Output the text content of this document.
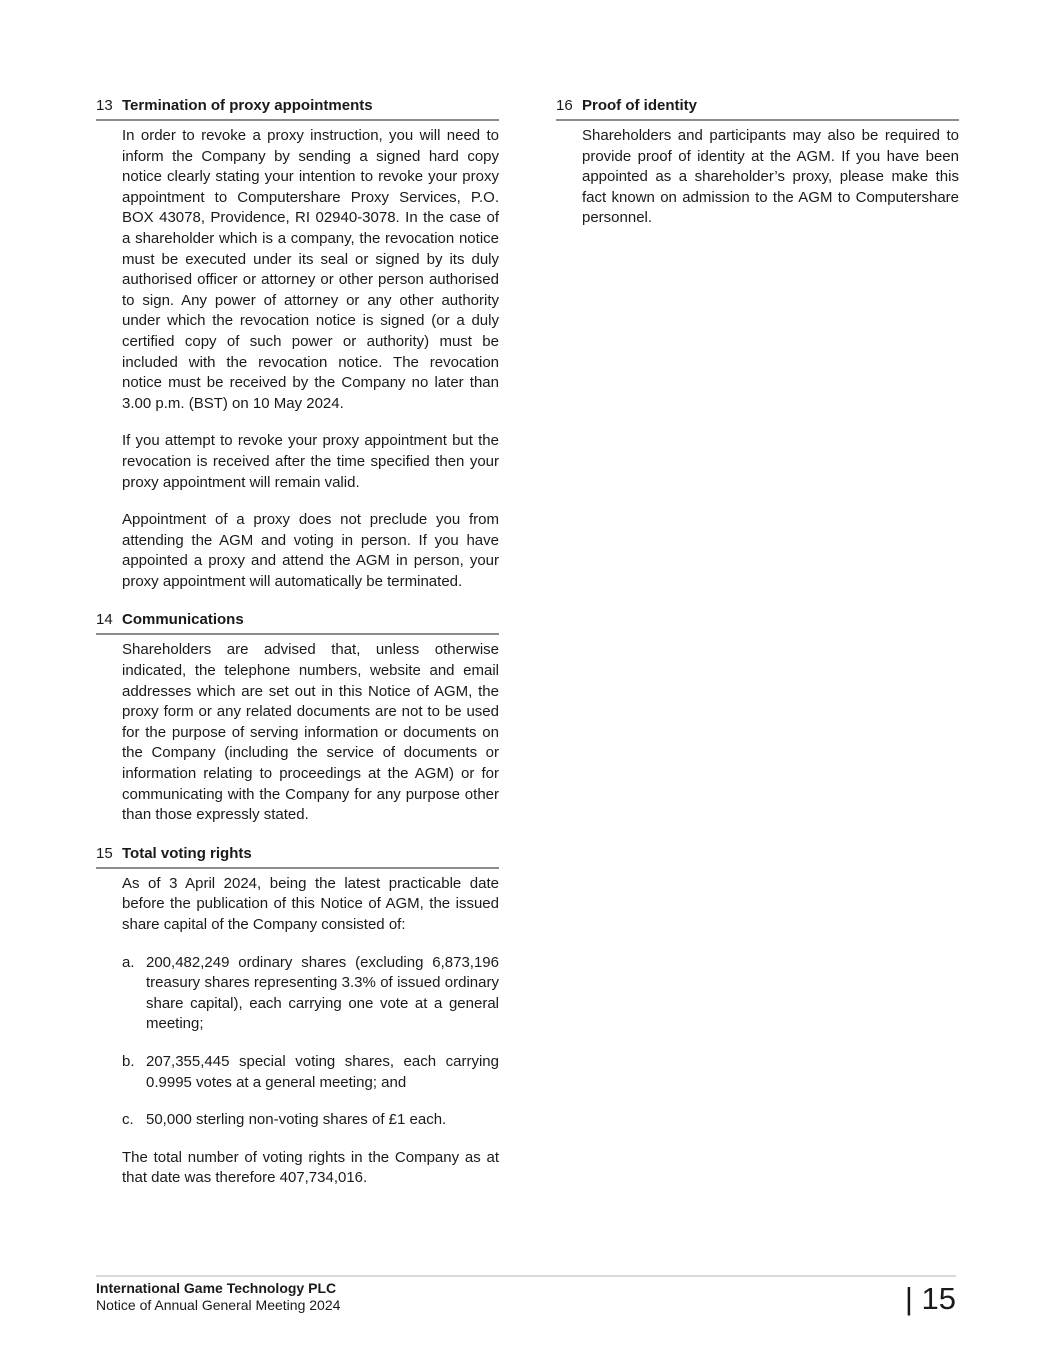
13 Termination of proxy appointments

In order to revoke a proxy instruction, you will need to inform the Company by sending a signed hard copy notice clearly stating your intention to revoke your proxy appointment to Computershare Proxy Services, P.O. BOX 43078, Providence, RI 02940-3078. In the case of a shareholder which is a company, the revocation notice must be executed under its seal or signed by its duly authorised officer or attorney or other person authorised to sign. Any power of attorney or any other authority under which the revocation notice is signed (or a duly certified copy of such power or authority) must be included with the revocation notice. The revocation notice must be received by the Company no later than 3.00 p.m. (BST) on 10 May 2024.

If you attempt to revoke your proxy appointment but the revocation is received after the time specified then your proxy appointment will remain valid.

Appointment of a proxy does not preclude you from attending the AGM and voting in person. If you have appointed a proxy and attend the AGM in person, your proxy appointment will automatically be terminated.

14 Communications

Shareholders are advised that, unless otherwise indicated, the telephone numbers, website and email addresses which are set out in this Notice of AGM, the proxy form or any related documents are not to be used for the purpose of serving information or documents on the Company (including the service of documents or information relating to proceedings at the AGM) or for communicating with the Company for any purpose other than those expressly stated.

15 Total voting rights

As of 3 April 2024, being the latest practicable date before the publication of this Notice of AGM, the issued share capital of the Company consisted of:

a. 200,482,249 ordinary shares (excluding 6,873,196 treasury shares representing 3.3% of issued ordinary share capital), each carrying one vote at a general meeting;
b. 207,355,445 special voting shares, each carrying 0.9995 votes at a general meeting; and
c. 50,000 sterling non-voting shares of £1 each.

The total number of voting rights in the Company as at that date was therefore 407,734,016.

16 Proof of identity

Shareholders and participants may also be required to provide proof of identity at the AGM. If you have been appointed as a shareholder’s proxy, please make this fact known on admission to the AGM to Computershare personnel.

International Game Technology PLC
Notice of Annual General Meeting 2024	| 15
